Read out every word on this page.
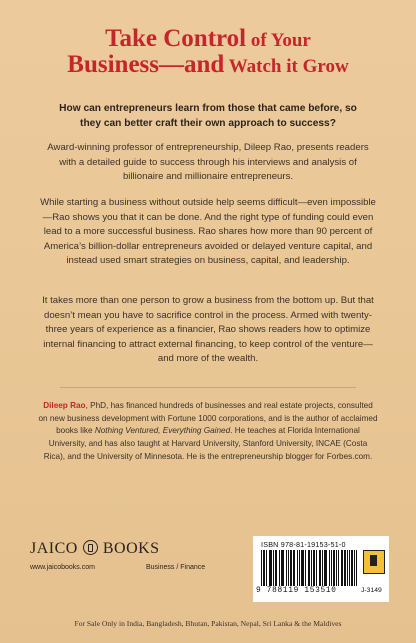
Take Control of Your
Business—and Watch it Grow
How can entrepreneurs learn from those that came before, so they can better craft their own approach to success?
Award-winning professor of entrepreneurship, Dileep Rao, presents readers with a detailed guide to success through his interviews and analysis of billionaire and millionaire entrepreneurs.
While starting a business without outside help seems difficult—even impossible—Rao shows you that it can be done. And the right type of funding could even lead to a more successful business. Rao shares how more than 90 percent of America’s billion-dollar entrepreneurs avoided or delayed venture capital, and instead used smart strategies on business, capital, and leadership.
It takes more than one person to grow a business from the bottom up. But that doesn’t mean you have to sacrifice control in the process. Armed with twenty-three years of experience as a financier, Rao shows readers how to optimize internal financing to attract external financing, to keep control of the venture—and more of the wealth.
Dileep Rao, PhD, has financed hundreds of businesses and real estate projects, consulted on new business development with Fortune 1000 corporations, and is the author of acclaimed books like Nothing Ventured, Everything Gained. He teaches at Florida International University, and has also taught at Harvard University, Stanford University, INCAE (Costa Rica), and the University of Minnesota. He is the entrepreneurship blogger for Forbes.com.
JAICO BOOKS
www.jaicobooks.com	Business / Finance
ISBN 978-81-19153-51-0
9 788119 153510	J-3149
For Sale Only in India, Bangladesh, Bhutan, Pakistan, Nepal, Sri Lanka & the Maldives
